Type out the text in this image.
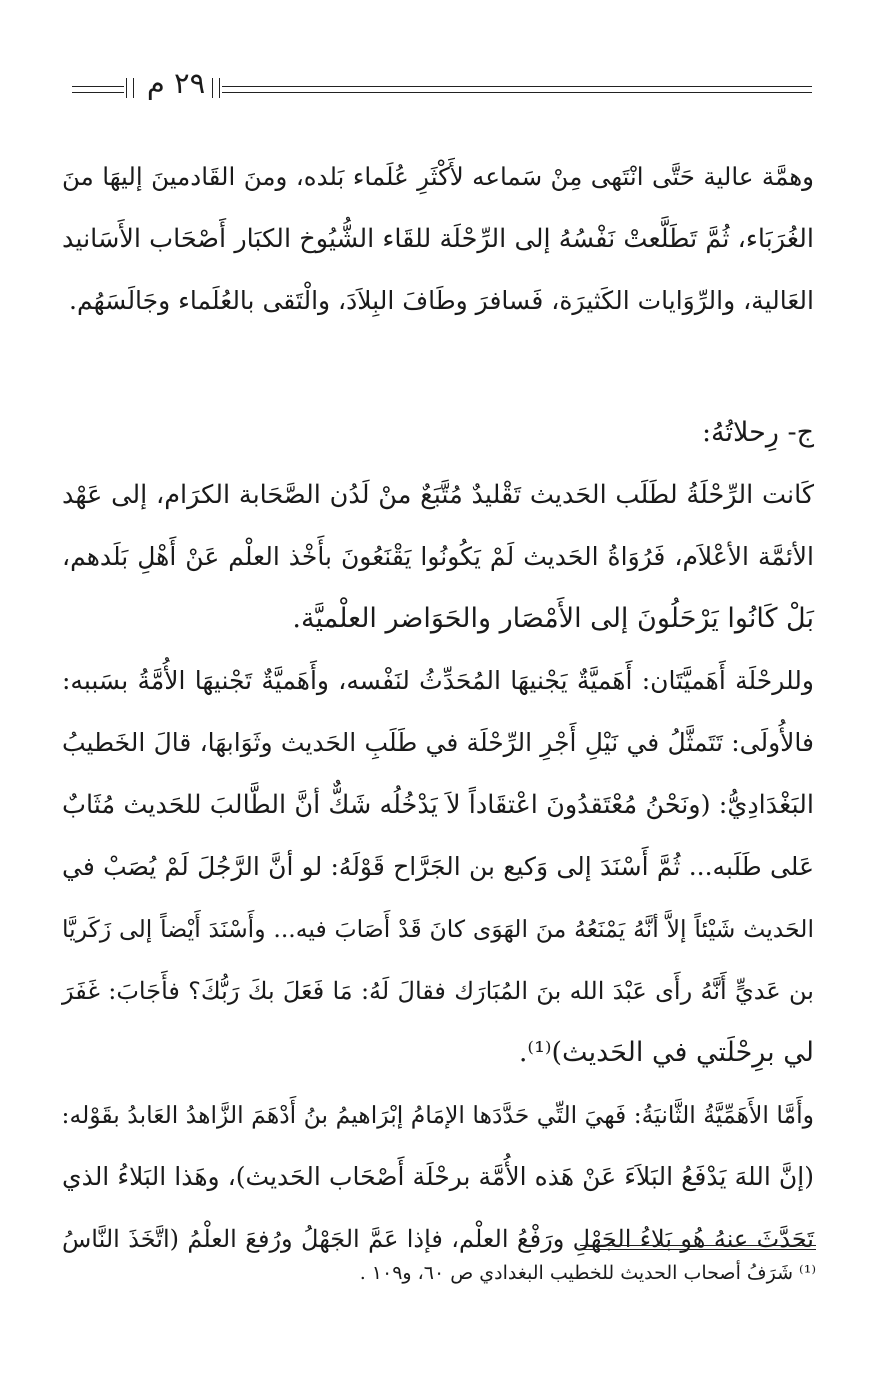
٢٩ م
وهمَّة عالية حَتَّى انْتَهى مِنْ سَماعه لأَكْثَرِ عُلَماء بَلده، ومنَ القَادمينَ إليهَا منَ
الغُرَبَاء، ثُمَّ تَطَلَّعتْ نَفْسُهُ إلى الرِّحْلَة للقَاء الشُّيُوخ الكبَار أَصْحَاب الأَسَانيد
العَالية، والرِّوَايات الكَثيرَة، فَسافرَ وطَافَ البِلاَدَ، والْتَقى بالعُلَماء وجَالَسَهُم.
ج- رِحلاتُهُ:
كَانت الرِّحْلَةُ لطَلَب الحَديث تَقْليدٌ مُتَّبَعٌ منْ لَدُن الصَّحَابة الكرَام، إلى عَهْد
الأئمَّة الأعْلاَم، فَرُوَاةُ الحَديث لَمْ يَكُونُوا يَقْنَعُونَ بأَخْذ العلْم عَنْ أَهْلِ بَلَدهم،
بَلْ كَانُوا يَرْحَلُونَ إلى الأَمْصَار والحَوَاضر العلْميَّة.
وللرحْلَة أَهَميَّتَان: أَهَميَّةٌ يَجْنيهَا المُحَدِّثُ لنَفْسه، وأَهَميَّةٌ تَجْنيهَا الأُمَّةُ بسَببه:
فالأُولَى: تَتَمثَّلُ في نَيْلِ أَجْرِ الرِّحْلَة في طَلَبِ الحَديث وثَوَابهَا، قالَ الخَطيبُ
البَغْدَادِيُّ: (ونَحْنُ مُعْتَقدُونَ اعْتقَاداً لاَ يَدْخُلُه شَكٌّ أنَّ الطَّالبَ للحَديث مُثَابٌ
عَلى طَلَبه... ثُمَّ أَسْنَدَ إلى وَكيع بن الجَرَّاح قَوْلَهُ: لو أنَّ الرَّجُلَ لَمْ يُصَبْ في
الحَديث شَيْئاً إلاَّ أنَّهُ يَمْنَعُهُ منَ الهَوَى كانَ قَدْ أَصَابَ فيه... وأَسْنَدَ أَيْضاً إلى زَكَريَّا
بن عَديٍّ أَنَّهُ رأَى عَبْدَ الله بنَ المُبَارَك فقالَ لَهُ: مَا فَعَلَ بكَ رَبُّكَ؟ فأَجَابَ: غَفَرَ
لي برِحْلَتي في الحَديث)⁽¹⁾.
وأَمَّا الأَهَمِّيَّةُ الثَّانيَةُ: فَهيَ التِّي حَدَّدَها الإمَامُ إبْرَاهيمُ بنُ أَدْهَمَ الزَّاهدُ العَابدُ بقَوْله:
(إنَّ اللهَ يَدْفَعُ البَلاَءَ عَنْ هَذه الأُمَّة برحْلَة أَصْحَاب الحَديث)، وهَذا البَلاءُ الذي
تَحَدَّثَ عنهُ هُو بَلاءُ الجَهْلِ ورَفْعُ العلْم، فإذا عَمَّ الجَهْلُ ورُفعَ العلْمُ (اتَّخَذَ النَّاسُ
⁽¹⁾ شَرَفُ أصحاب الحديث للخطيب البغدادي ص ٦٠، و١٠٩ .
